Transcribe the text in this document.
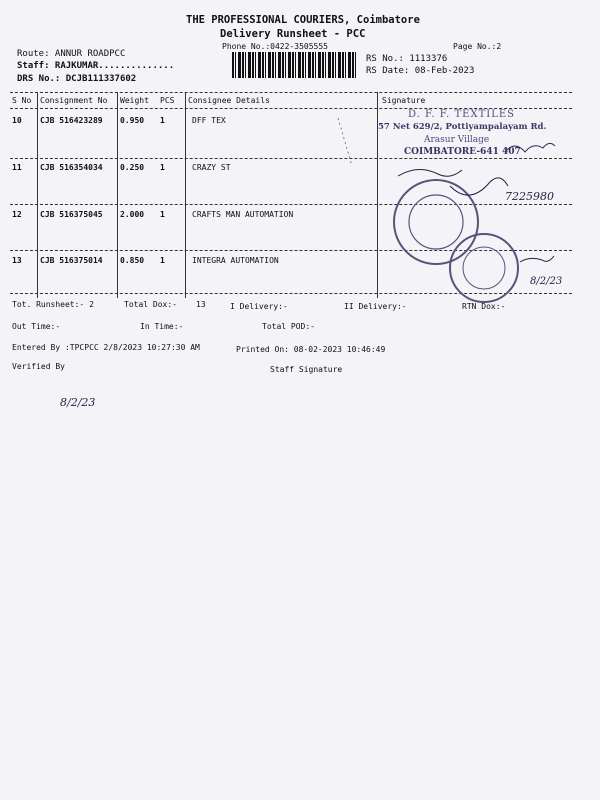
THE PROFESSIONAL COURIERS, Coimbatore
Delivery Runsheet - PCC
Phone No.:0422-3505555	Page No.:2
Route: ANNUR ROADPCC
Staff: RAJKUMAR..............
DRS No.: DCJB111337602
RS No.: 1113376
RS Date: 08-Feb-2023
S No Consignment No Weight PCS Consignee Details	Signature
10 CJB 516423289 0.950 1	DFF TEX
11 CJB 516354034 0.250 1	CRAZY ST
12 CJB 516375045 2.000 1	CRAFTS MAN AUTOMATION
13 CJB 516375014 0.850 1	INTEGRA AUTOMATION
D. F. F. TEXTILES
57 Net 629/2, Pottiyampalayam Rd.
Arasur Village
COIMBATORE-641 407
7225980
8/2/23
8/2/23
Tot. Runsheet:- 2	Total Dox:- 13	I Delivery:-	II Delivery:-	RTN Dox:-
Out Time:-	In Time:-	Total POD:-
Entered By :TPCPCC 2/8/2023 10:27:30 AM	Printed On: 08-02-2023 10:46:49
Verified By	Staff Signature
